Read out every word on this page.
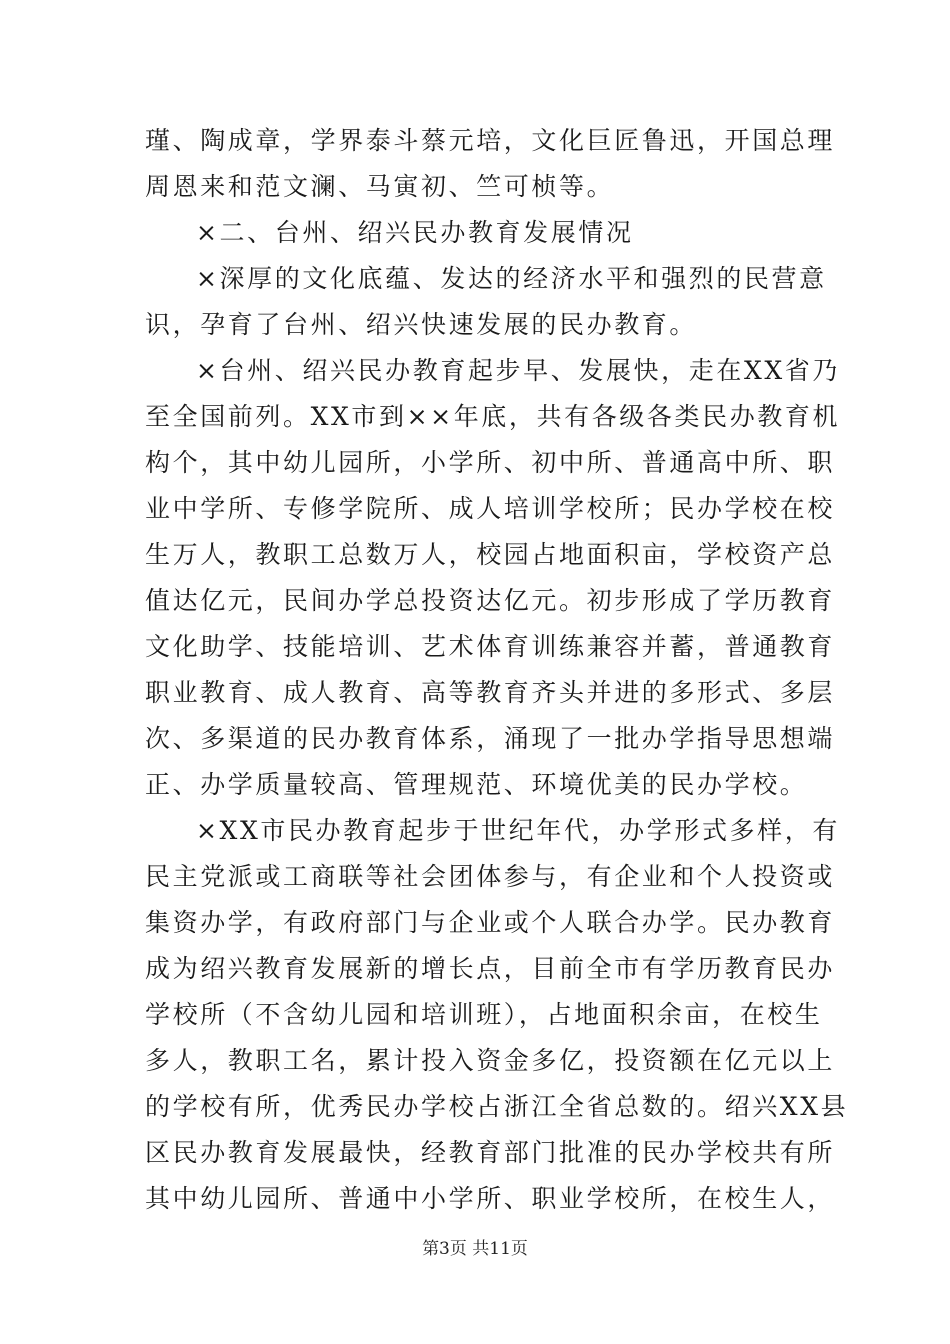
瑾、陶成章，学界泰斗蔡元培，文化巨匠鲁迅，开国总理
周恩来和范文澜、马寅初、竺可桢等。
×二、台州、绍兴民办教育发展情况
×深厚的文化底蕴、发达的经济水平和强烈的民营意
识，孕育了台州、绍兴快速发展的民办教育。
×台州、绍兴民办教育起步早、发展快，走在XX省乃
至全国前列。XX市到××年底，共有各级各类民办教育机
构个，其中幼儿园所，小学所、初中所、普通高中所、职
业中学所、专修学院所、成人培训学校所；民办学校在校
生万人，教职工总数万人，校园占地面积亩，学校资产总
值达亿元，民间办学总投资达亿元。初步形成了学历教育
文化助学、技能培训、艺术体育训练兼容并蓄，普通教育
职业教育、成人教育、高等教育齐头并进的多形式、多层
次、多渠道的民办教育体系，涌现了一批办学指导思想端
正、办学质量较高、管理规范、环境优美的民办学校。
×XX市民办教育起步于世纪年代，办学形式多样，有
民主党派或工商联等社会团体参与，有企业和个人投资或
集资办学，有政府部门与企业或个人联合办学。民办教育
成为绍兴教育发展新的增长点，目前全市有学历教育民办
学校所（不含幼儿园和培训班），占地面积余亩，在校生
多人，教职工名，累计投入资金多亿，投资额在亿元以上
的学校有所，优秀民办学校占浙江全省总数的。绍兴XX县
区民办教育发展最快，经教育部门批准的民办学校共有所
其中幼儿园所、普通中小学所、职业学校所，在校生人，
第3页 共11页
